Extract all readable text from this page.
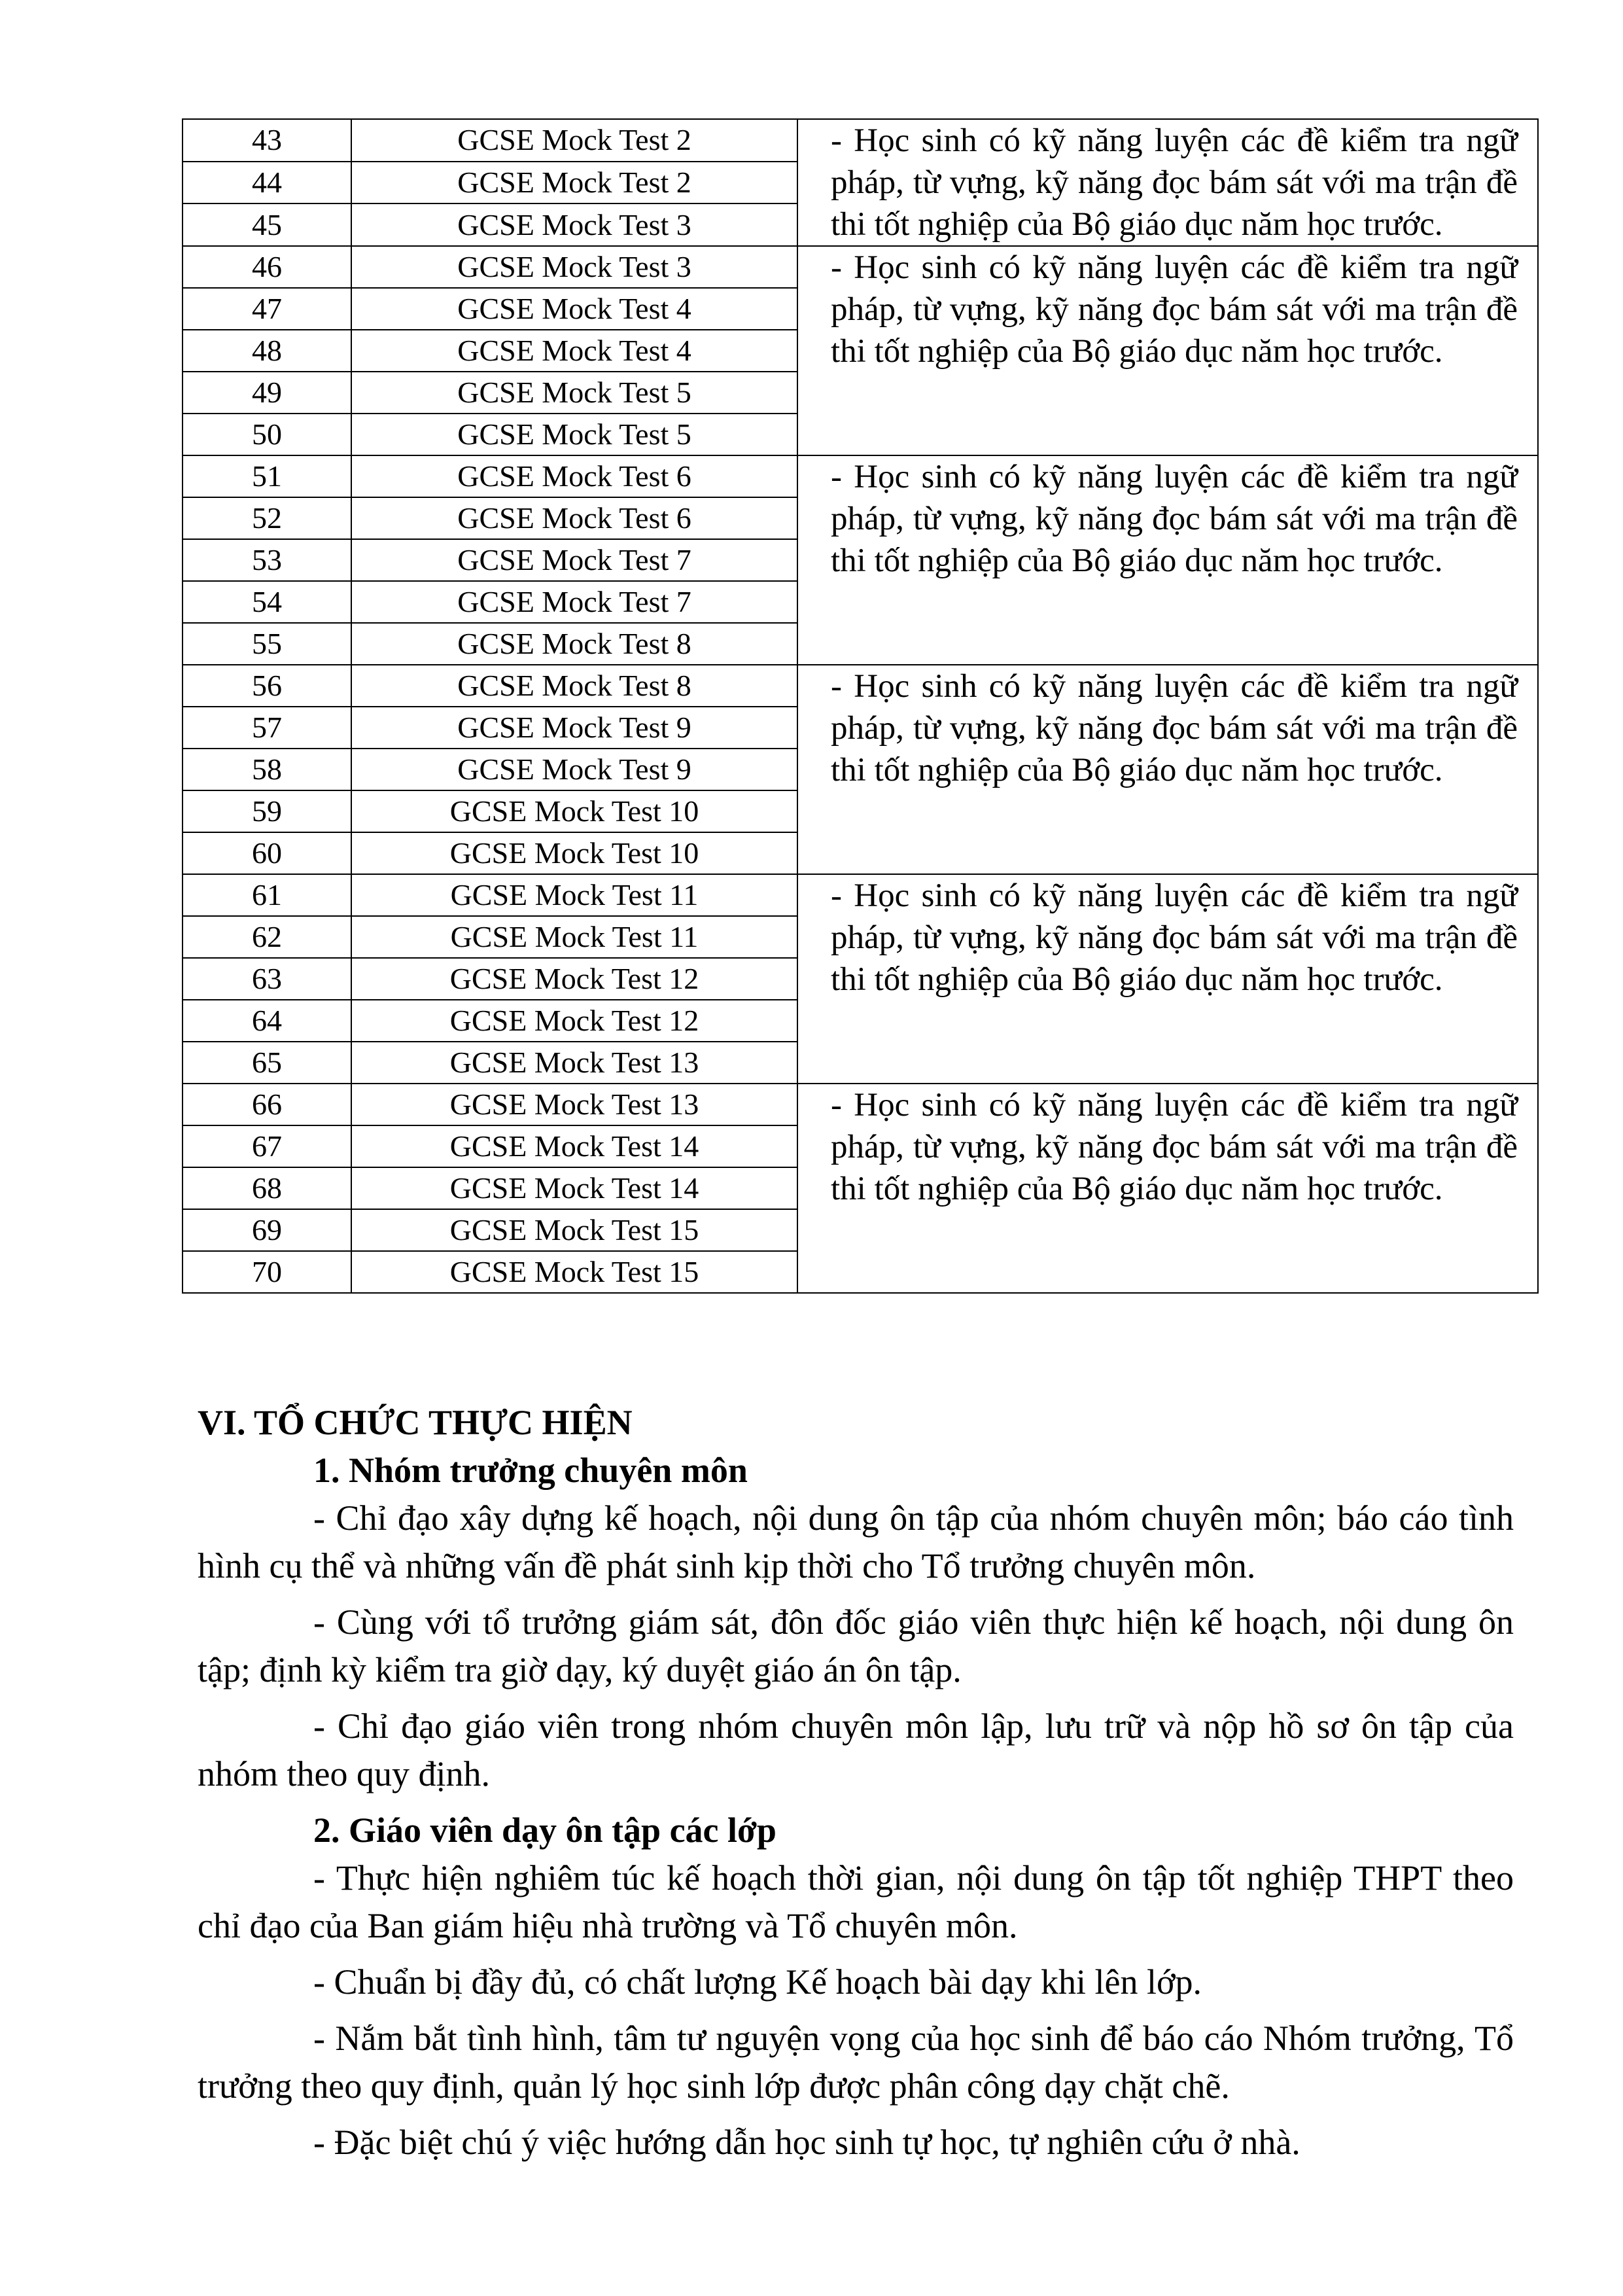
43	GCSE Mock Test 2	- Học sinh có kỹ năng luyện các đề kiểm tra ngữ pháp, từ vựng, kỹ năng đọc bám sát với ma trận đề thi tốt nghiệp của Bộ giáo dục năm học trước.
44	GCSE Mock Test 2	
45	GCSE Mock Test 3	
46	GCSE Mock Test 3	- Học sinh có kỹ năng luyện các đề kiểm tra ngữ pháp, từ vựng, kỹ năng đọc bám sát với ma trận đề thi tốt nghiệp của Bộ giáo dục năm học trước.
47	GCSE Mock Test 4	
48	GCSE Mock Test 4	
49	GCSE Mock Test 5	
50	GCSE Mock Test 5	
51	GCSE Mock Test 6	- Học sinh có kỹ năng luyện các đề kiểm tra ngữ pháp, từ vựng, kỹ năng đọc bám sát với ma trận đề thi tốt nghiệp của Bộ giáo dục năm học trước.
52	GCSE Mock Test 6	
53	GCSE Mock Test 7	
54	GCSE Mock Test 7	
55	GCSE Mock Test 8	
56	GCSE Mock Test 8	- Học sinh có kỹ năng luyện các đề kiểm tra ngữ pháp, từ vựng, kỹ năng đọc bám sát với ma trận đề thi tốt nghiệp của Bộ giáo dục năm học trước.
57	GCSE Mock Test 9	
58	GCSE Mock Test 9	
59	GCSE Mock Test 10	
60	GCSE Mock Test 10	
61	GCSE Mock Test 11	- Học sinh có kỹ năng luyện các đề kiểm tra ngữ pháp, từ vựng, kỹ năng đọc bám sát với ma trận đề thi tốt nghiệp của Bộ giáo dục năm học trước.
62	GCSE Mock Test 11	
63	GCSE Mock Test 12	
64	GCSE Mock Test 12	
65	GCSE Mock Test 13	
66	GCSE Mock Test 13	- Học sinh có kỹ năng luyện các đề kiểm tra ngữ pháp, từ vựng, kỹ năng đọc bám sát với ma trận đề thi tốt nghiệp của Bộ giáo dục năm học trước.
67	GCSE Mock Test 14	
68	GCSE Mock Test 14	
69	GCSE Mock Test 15	
70	GCSE Mock Test 15	

VI. TỔ CHỨC THỰC HIỆN

1. Nhóm trưởng chuyên môn

- Chỉ đạo xây dựng kế hoạch, nội dung ôn tập của nhóm chuyên môn; báo cáo tình hình cụ thể và những vấn đề phát sinh kịp thời cho Tổ trưởng chuyên môn.

- Cùng với tổ trưởng giám sát, đôn đốc giáo viên thực hiện kế hoạch, nội dung ôn tập; định kỳ kiểm tra giờ dạy, ký duyệt giáo án ôn tập.

- Chỉ đạo giáo viên trong nhóm chuyên môn lập, lưu trữ và nộp hồ sơ ôn tập của nhóm theo quy định.

2. Giáo viên dạy ôn tập các lớp

- Thực hiện nghiêm túc kế hoạch thời gian, nội dung ôn tập tốt nghiệp THPT theo chỉ đạo của Ban giám hiệu nhà trường và Tổ chuyên môn.

- Chuẩn bị đầy đủ, có chất lượng Kế hoạch bài dạy khi lên lớp.

- Nắm bắt tình hình, tâm tư nguyện vọng của học sinh để báo cáo Nhóm trưởng, Tổ trưởng theo quy định, quản lý học sinh lớp được phân công dạy chặt chẽ.

- Đặc biệt chú ý việc hướng dẫn học sinh tự học, tự nghiên cứu ở nhà.
